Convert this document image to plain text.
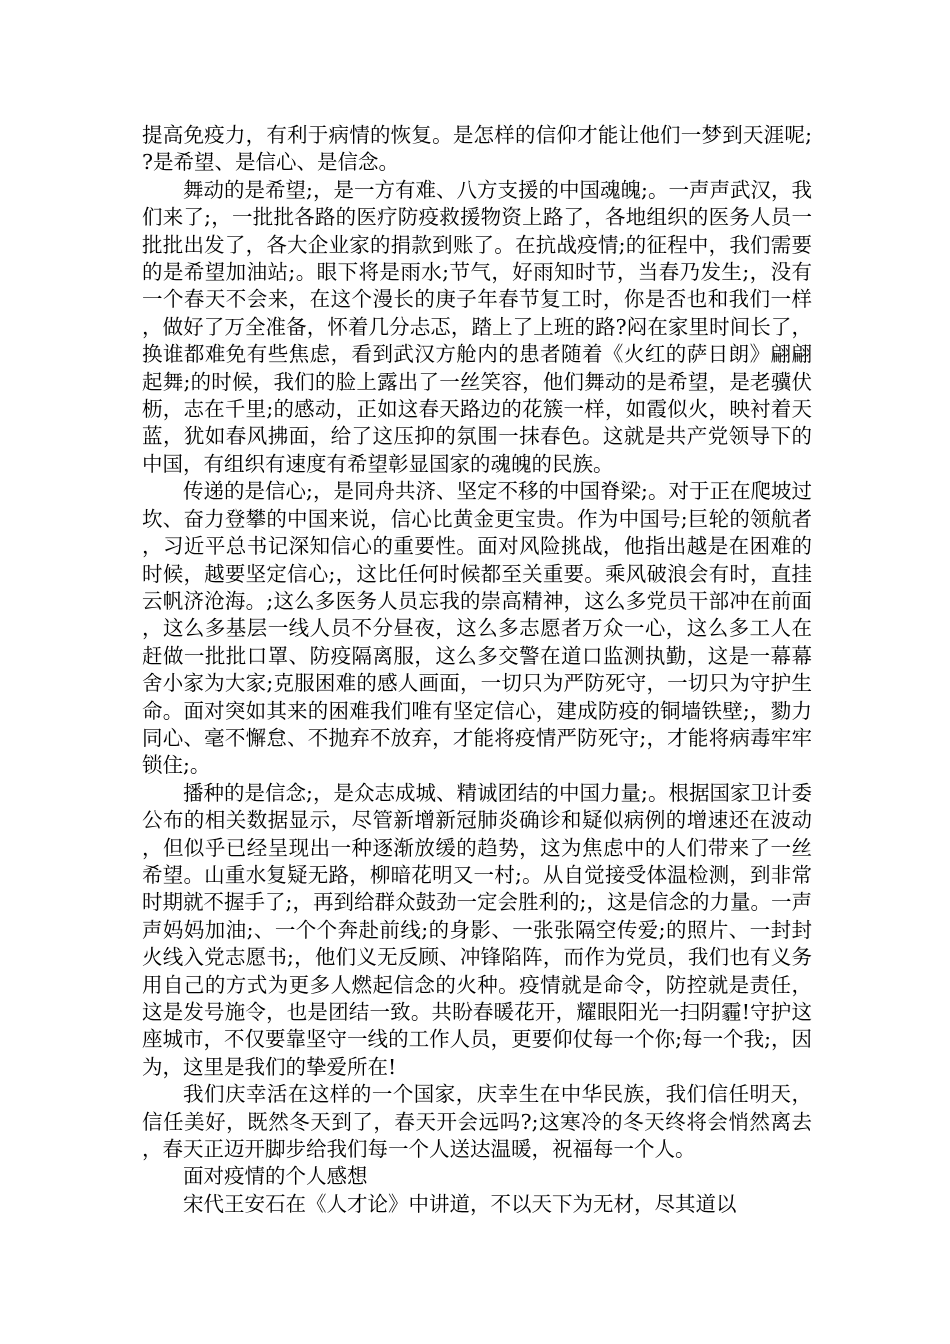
提高免疫力，有利于病情的恢复。是怎样的信仰才能让他们一梦到天涯呢;?是希望、是信心、是信念。

舞动的是希望;，是一方有难、八方支援的中国魂魄;。一声声武汉，我们来了;，一批批各路的医疗防疫救援物资上路了，各地组织的医务人员一批批出发了，各大企业家的捐款到账了。在抗战疫情;的征程中，我们需要的是希望加油站;。眼下将是雨水;节气，好雨知时节，当春乃发生;，没有一个春天不会来，在这个漫长的庚子年春节复工时，你是否也和我们一样，做好了万全准备，怀着几分忐忑，踏上了上班的路?闷在家里时间长了，换谁都难免有些焦虑，看到武汉方舱内的患者随着《火红的萨日朗》翩翩起舞;的时候，我们的脸上露出了一丝笑容，他们舞动的是希望，是老骥伏枥，志在千里;的感动，正如这春天路边的花簇一样，如霞似火，映衬着天蓝，犹如春风拂面，给了这压抑的氛围一抹春色。这就是共产党领导下的中国，有组织有速度有希望彰显国家的魂魄的民族。

传递的是信心;，是同舟共济、坚定不移的中国脊梁;。对于正在爬坡过坎、奋力登攀的中国来说，信心比黄金更宝贵。作为中国号;巨轮的领航者，习近平总书记深知信心的重要性。面对风险挑战，他指出越是在困难的时候，越要坚定信心;，这比任何时候都至关重要。乘风破浪会有时，直挂云帆济沧海。;这么多医务人员忘我的崇高精神，这么多党员干部冲在前面，这么多基层一线人员不分昼夜，这么多志愿者万众一心，这么多工人在赶做一批批口罩、防疫隔离服，这么多交警在道口监测执勤，这是一幕幕舍小家为大家;克服困难的感人画面，一切只为严防死守，一切只为守护生命。面对突如其来的困难我们唯有坚定信心，建成防疫的铜墙铁壁;，勠力同心、毫不懈怠、不抛弃不放弃，才能将疫情严防死守;，才能将病毒牢牢锁住;。

播种的是信念;，是众志成城、精诚团结的中国力量;。根据国家卫计委公布的相关数据显示，尽管新增新冠肺炎确诊和疑似病例的增速还在波动，但似乎已经呈现出一种逐渐放缓的趋势，这为焦虑中的人们带来了一丝希望。山重水复疑无路，柳暗花明又一村;。从自觉接受体温检测，到非常时期就不握手了;，再到给群众鼓劲一定会胜利的;，这是信念的力量。一声声妈妈加油;、一个个奔赴前线;的身影、一张张隔空传爱;的照片、一封封火线入党志愿书;，他们义无反顾、冲锋陷阵，而作为党员，我们也有义务用自己的方式为更多人燃起信念的火种。疫情就是命令，防控就是责任，这是发号施令，也是团结一致。共盼春暖花开，耀眼阳光一扫阴霾!守护这座城市，不仅要靠坚守一线的工作人员，更要仰仗每一个你;每一个我;，因为，这里是我们的挚爱所在!

我们庆幸活在这样的一个国家，庆幸生在中华民族，我们信任明天，信任美好，既然冬天到了，春天开会远吗?;这寒冷的冬天终将会悄然离去，春天正迈开脚步给我们每一个人送达温暖，祝福每一个人。

面对疫情的个人感想

宋代王安石在《人才论》中讲道，不以天下为无材，尽其道以
